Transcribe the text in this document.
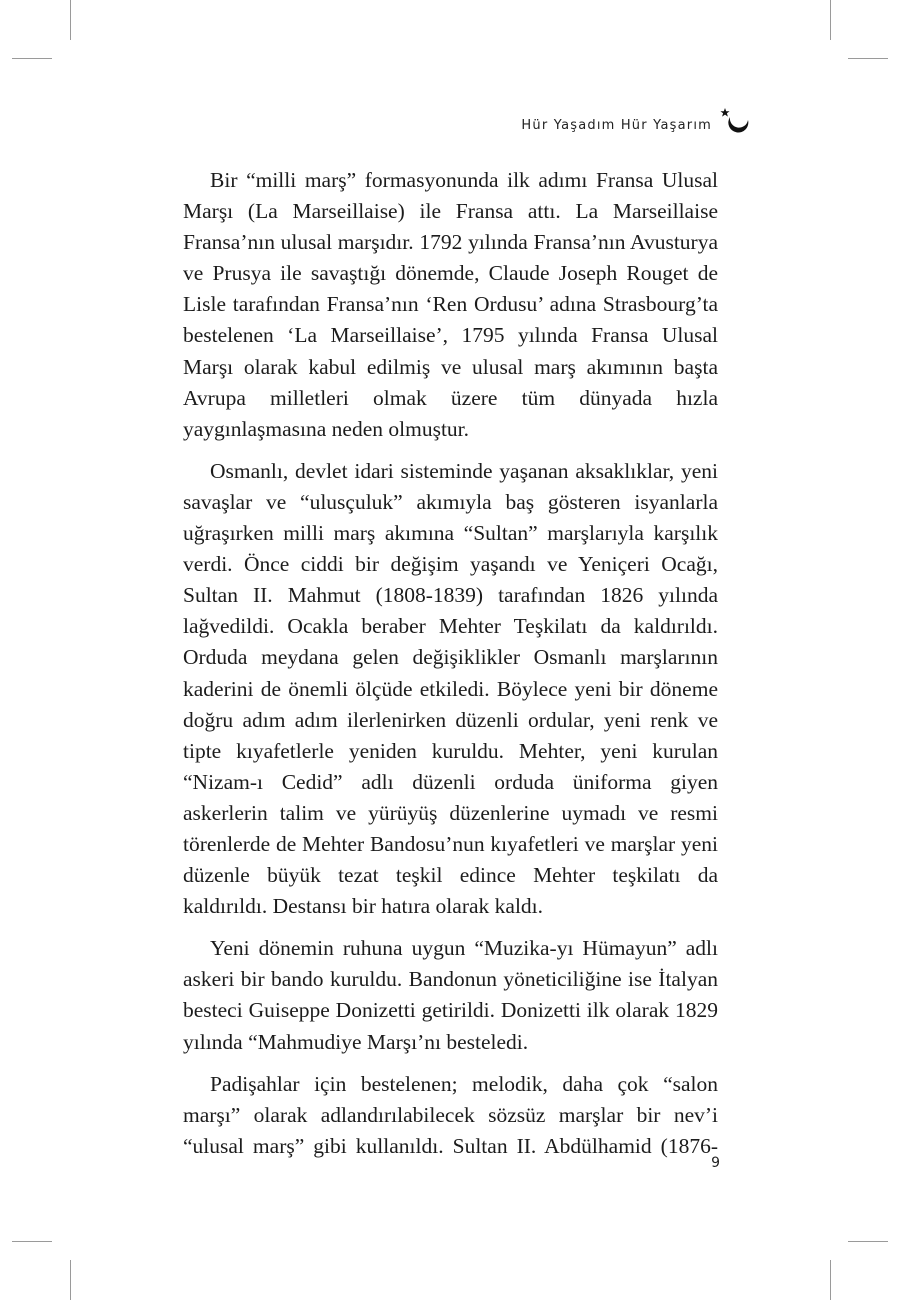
Hür Yaşadım Hür Yaşarım

Bir “milli marş” formasyonunda ilk adımı Fransa Ulusal Marşı (La Marseillaise) ile Fransa attı. La Marseillaise Fransa’nın ulusal marşıdır. 1792 yılında Fransa’nın Avusturya ve Prusya ile savaştığı dönemde, Claude Joseph Rouget de Lisle tarafından Fransa’nın ‘Ren Ordusu’ adına Strasbourg’ta bestelenen ‘La Marseillaise’, 1795 yılında Fransa Ulusal Marşı olarak kabul edilmiş ve ulusal marş akımının başta Avrupa milletleri olmak üzere tüm dünyada hızla yaygınlaşmasına neden olmuştur.

Osmanlı, devlet idari sisteminde yaşanan aksaklıklar, yeni savaşlar ve “ulusçuluk” akımıyla baş gösteren isyanlarla uğraşırken milli marş akımına “Sultan” marşlarıyla karşılık verdi. Önce ciddi bir değişim yaşandı ve Yeniçeri Ocağı, Sultan II. Mahmut (1808-1839) tarafından 1826 yılında lağvedildi. Ocakla beraber Mehter Teşkilatı da kaldırıldı. Orduda meydana gelen değişiklikler Osmanlı marşlarının kaderini de önemli ölçüde etkiledi. Böylece yeni bir döneme doğru adım adım ilerlenirken düzenli ordular, yeni renk ve tipte kıyafetlerle yeniden kuruldu. Mehter, yeni kurulan “Nizam-ı Cedid” adlı düzenli orduda üniforma giyen askerlerin talim ve yürüyüş düzenlerine uymadı ve resmi törenlerde de Mehter Bandosu’nun kıyafetleri ve marşlar yeni düzenle büyük tezat teşkil edince Mehter teşkilatı da kaldırıldı. Destansı bir hatıra olarak kaldı.

Yeni dönemin ruhuna uygun “Muzika-yı Hümayun” adlı askeri bir bando kuruldu. Bandonun yöneticiliğine ise İtalyan besteci Guiseppe Donizetti getirildi. Donizetti ilk olarak 1829 yılında “Mahmudiye Marşı’nı besteledi.

Padişahlar için bestelenen; melodik, daha çok “salon marşı” olarak adlandırılabilecek sözsüz marşlar bir nev’i “ulusal marş” gibi kullanıldı. Sultan II. Abdülhamid (1876-

9
